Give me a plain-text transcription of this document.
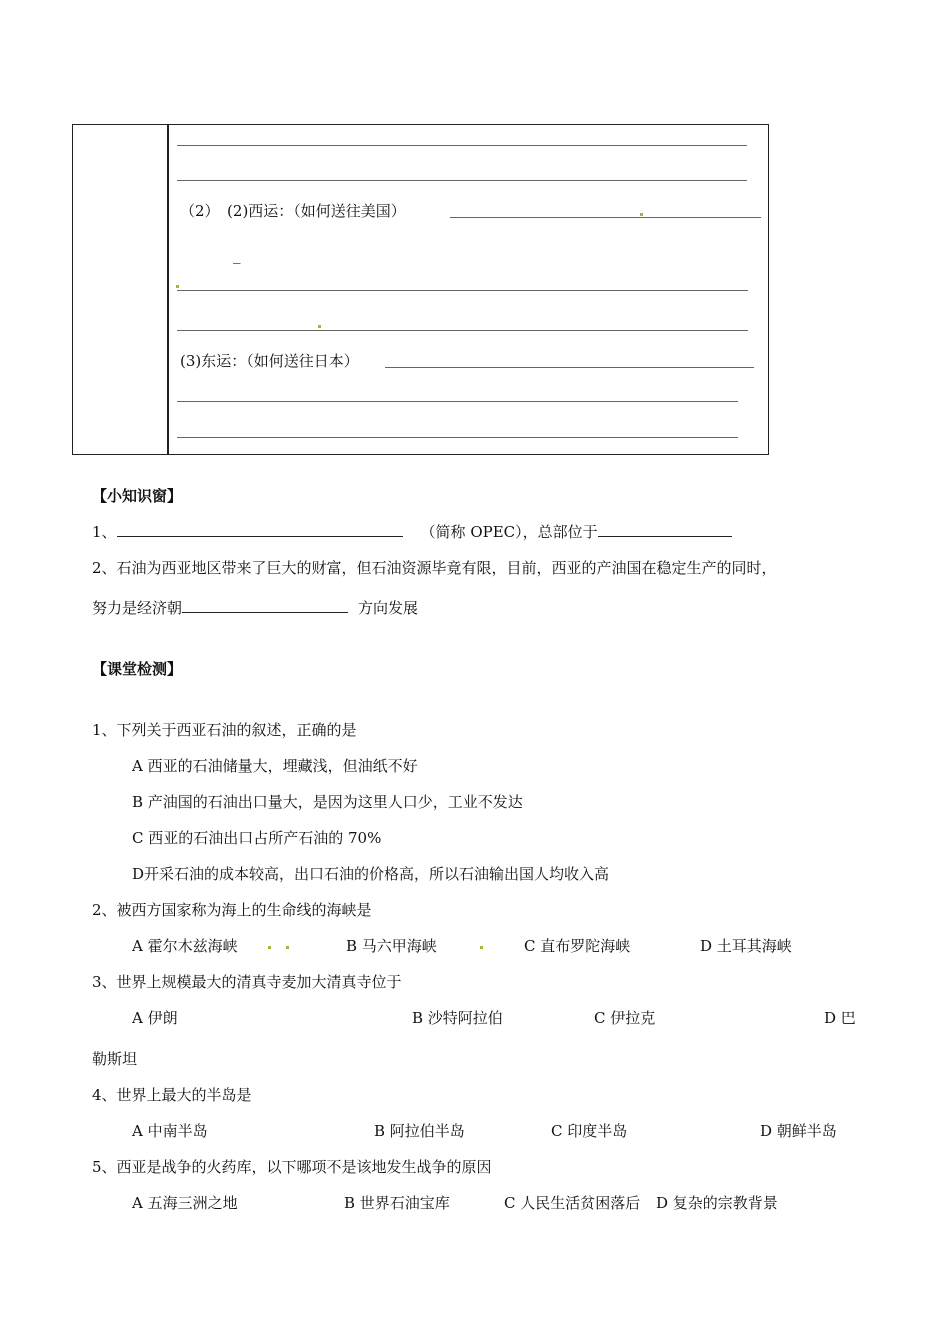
（2）　(2)西运：（如何送往美国）
_
(3)东运：（如何送往日本）
【小知识窗】
1、	（简称 OPEC），总部位于
2、石油为西亚地区带来了巨大的财富，但石油资源毕竟有限，目前，西亚的产油国在稳定生产的同时，
努力是经济朝	方向发展
【课堂检测】
1、下列关于西亚石油的叙述，正确的是
A 西亚的石油储量大，埋藏浅，但油纸不好
B 产油国的石油出口量大，是因为这里人口少，工业不发达
C 西亚的石油出口占所产石油的 70%
D开采石油的成本较高，出口石油的价格高，所以石油输出国人均收入高
2、被西方国家称为海上的生命线的海峡是
A 霍尔木兹海峡	B 马六甲海峡	C 直布罗陀海峡	D 土耳其海峡
3、世界上规模最大的清真寺麦加大清真寺位于
A 伊朗	B 沙特阿拉伯	C 伊拉克	D 巴
勒斯坦
4、世界上最大的半岛是
A 中南半岛	B 阿拉伯半岛	C 印度半岛	D 朝鲜半岛
5、西亚是战争的火药库，以下哪项不是该地发生战争的原因
A 五海三洲之地	B 世界石油宝库	C 人民生活贫困落后 D 复杂的宗教背景
